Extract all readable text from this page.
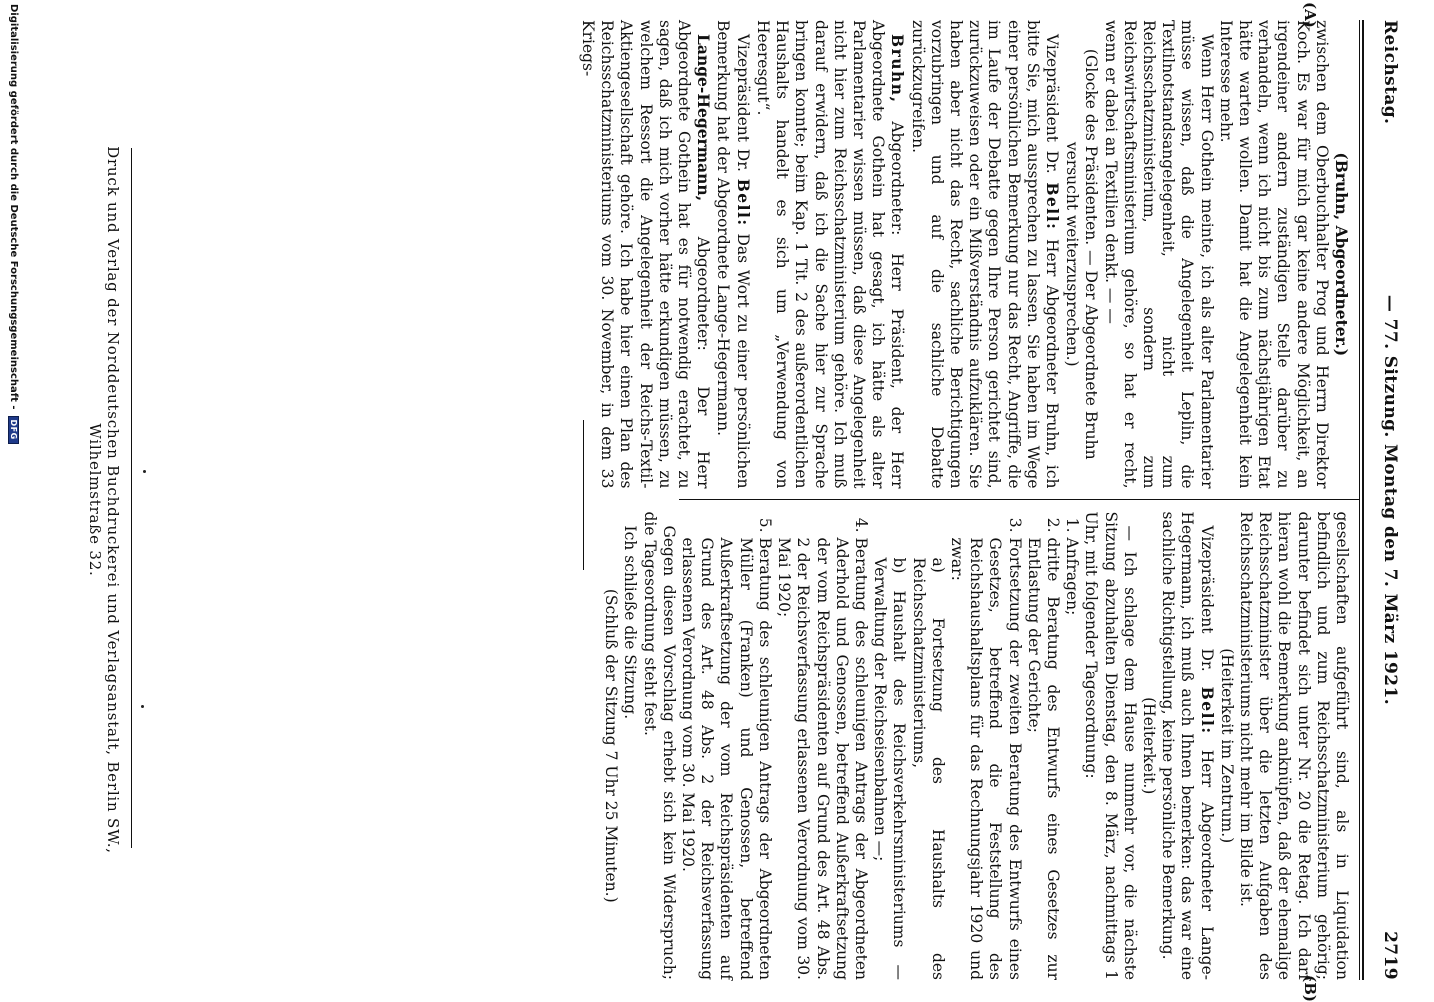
Reichstag.
— 77. Sitzung. Montag den 7. März 1921.
2719
(A)

(Bruhn, Abgeordneter.)

zwischen dem Oberbuchhalter Prog und Herrn Direktor Koch. Es war für mich gar keine andere Möglichkeit, an irgendeiner andern zuständigen Stelle darüber zu verhandeln, wenn ich nicht bis zum nächstjährigen Etat hätte warten wollen. Damit hat die Angelegenheit kein Interesse mehr.

Wenn Herr Gothein meinte, ich als alter Parlamentarier müsse wissen, daß die Angelegenheit Leplin, die Textilnotstandsangelegenheit, nicht zum Reichsschatzministerium, sondern zum Reichswirtschaftsministerium gehöre, so hat er recht, wenn er dabei an Textilien denkt. — —

(Glocke des Präsidenten. — Der Abgeordnete Bruhn versucht weiterzusprechen.)

Vizepräsident Dr. Bell: Herr Abgeordneter Bruhn, ich bitte Sie, mich aussprechen zu lassen. Sie haben im Wege einer persönlichen Bemerkung nur das Recht, Angriffe, die im Laufe der Debatte gegen Ihre Person gerichtet sind, zurückzuweisen oder ein Mißverständnis aufzuklären. Sie haben aber nicht das Recht, sachliche Berichtigungen vorzubringen und auf die sachliche Debatte zurückzugreifen.

Bruhn, Abgeordneter: Herr Präsident, der Herr Abgeordnete Gothein hat gesagt, ich hätte als alter Parlamentarier wissen müssen, daß diese Angelegenheit nicht hier zum Reichsschatzministerium gehöre. Ich muß darauf erwidern, daß ich die Sache hier zur Sprache bringen konnte; beim Kap. 1 Tit. 2 des außerordentlichen Haushalts handelt es sich um „Verwendung von Heeresgut“.

Vizepräsident Dr. Bell: Das Wort zu einer persönlichen Bemerkung hat der Abgeordnete Lange-Hegermann.

Lange-Hegermann, Abgeordneter: Der Herr Abgeordnete Gothein hat es für notwendig erachtet, zu sagen, daß ich mich vorher hätte erkundigen müssen, zu welchem Ressort die Angelegenheit der Reichs-Textil-Aktiengesellschaft gehöre. Ich habe hier einen Plan des Reichsschatzministeriums vom 30. November, in dem 33 Kriegs-

(B)

gesellschaften aufgeführt sind, als in Liquidation befindlich und zum Reichsschatzministerium gehörig; darunter befindet sich unter Nr. 20 die Retag. Ich darf hieran wohl die Bemerkung anknüpfen, daß der ehemalige Reichsschatzminister über die letzten Aufgaben des Reichsschatzministeriums nicht mehr im Bilde ist.

(Heiterkeit im Zentrum.)

Vizepräsident Dr. Bell: Herr Abgeordneter Lange-Hegermann, ich muß auch Ihnen bemerken: das war eine sachliche Richtigstellung, keine persönliche Bemerkung.

(Heiterkeit.)

— Ich schlage dem Hause nunmehr vor, die nächste Sitzung abzuhalten Dienstag, den 8. März, nachmittags 1 Uhr, mit folgender Tagesordnung:

1. Anfragen;
2. dritte Beratung des Entwurfs eines Gesetzes zur Entlastung der Gerichte;
3. Fortsetzung der zweiten Beratung des Entwurfs eines Gesetzes, betreffend die Feststellung des Reichshaushaltsplans für das Rechnungsjahr 1920 und zwar:
a) Fortsetzung des Haushalts des Reichsschatzministeriums,
b) Haushalt des Reichsverkehrsministeriums — Verwaltung der Reichseisenbahnen —;
4. Beratung des schleunigen Antrags der Abgeordneten Aderhold und Genossen, betreffend Außerkraftsetzung der vom Reichspräsidenten auf Grund des Art. 48 Abs. 2 der Reichsverfassung erlassenen Verordnung vom 30. Mai 1920;
5. Beratung des schleunigen Antrags der Abgeordneten Müller (Franken) und Genossen, betreffend Außerkraftsetzung der vom Reichspräsidenten auf Grund des Art. 48 Abs. 2 der Reichsverfassung erlassenen Verordnung vom 30. Mai 1920.

Gegen diesen Vorschlag erhebt sich kein Widerspruch; die Tagesordnung steht fest.

Ich schließe die Sitzung.

(Schluß der Sitzung 7 Uhr 25 Minuten.)

Druck und Verlag der Norddeutschen Buchdruckerei und Verlagsanstalt, Berlin SW., Wilhelmstraße 32.
Digitalisierung gefördert durch die Deutsche Forschungsgemeinschaft -
DFG
